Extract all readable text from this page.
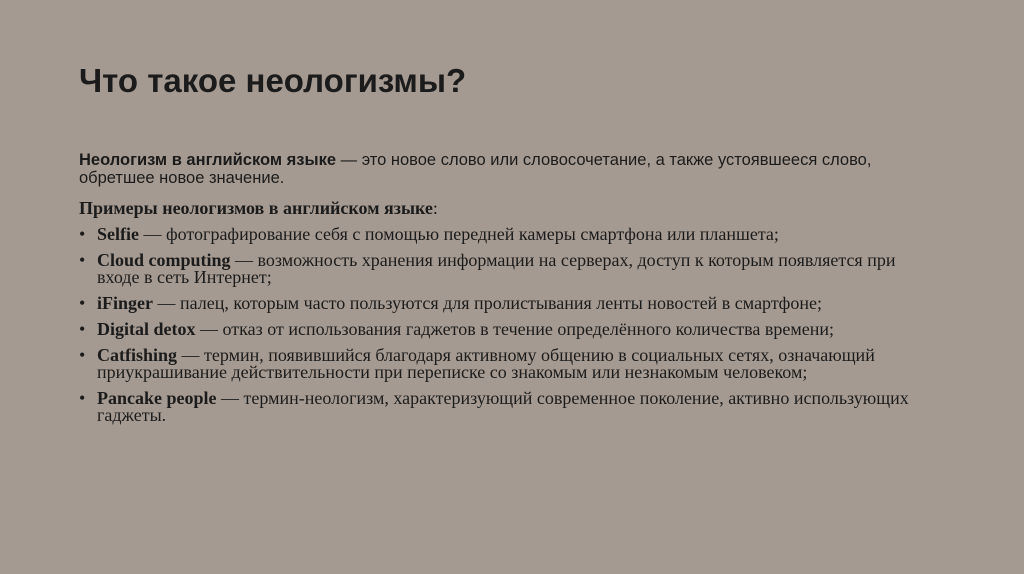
Что такое неологизмы?

Неологизм в английском языке — это новое слово или словосочетание, а также устоявшееся слово, обретшее новое значение.

Примеры неологизмов в английском языке:

• Selfie — фотографирование себя с помощью передней камеры смартфона или планшета;
• Cloud computing — возможность хранения информации на серверах, доступ к которым появляется при входе в сеть Интернет;
• iFinger — палец, которым часто пользуются для пролистывания ленты новостей в смартфоне;
• Digital detox — отказ от использования гаджетов в течение определённого количества времени;
• Catfishing — термин, появившийся благодаря активному общению в социальных сетях, означающий приукрашивание действительности при переписке со знакомым или незнакомым человеком;
• Pancake people — термин-неологизм, характеризующий современное поколение, активно использующих гаджеты.
